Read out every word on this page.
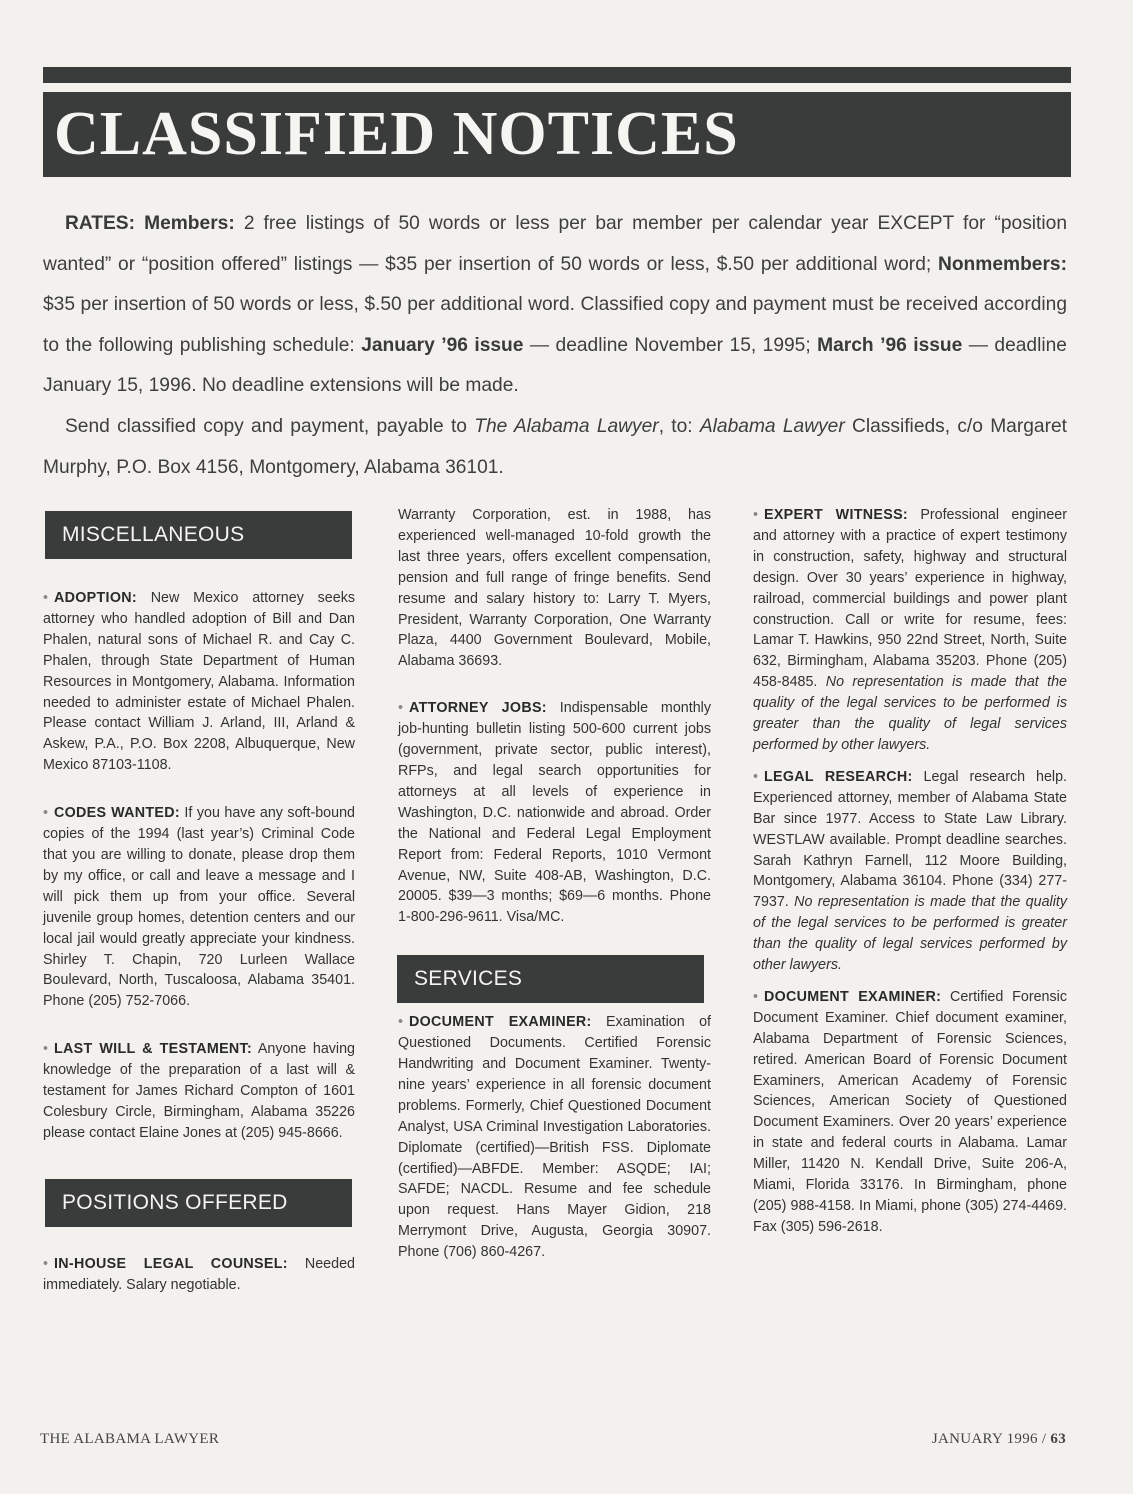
CLASSIFIED NOTICES

RATES: Members: 2 free listings of 50 words or less per bar member per calendar year EXCEPT for “position wanted” or “position offered” listings — $35 per insertion of 50 words or less, $.50 per additional word; Nonmembers: $35 per insertion of 50 words or less, $.50 per additional word. Classified copy and payment must be received according to the following publishing schedule: January ’96 issue — deadline November 15, 1995; March ’96 issue — deadline January 15, 1996. No deadline extensions will be made.

Send classified copy and payment, payable to The Alabama Lawyer, to: Alabama Lawyer Classifieds, c/o Margaret Murphy, P.O. Box 4156, Montgomery, Alabama 36101.

MISCELLANEOUS

• ADOPTION: New Mexico attorney seeks attorney who handled adoption of Bill and Dan Phalen, natural sons of Michael R. and Cay C. Phalen, through State Department of Human Resources in Montgomery, Alabama. Information needed to administer estate of Michael Phalen. Please contact William J. Arland, III, Arland & Askew, P.A., P.O. Box 2208, Albuquerque, New Mexico 87103-1108.

• CODES WANTED: If you have any soft-bound copies of the 1994 (last year’s) Criminal Code that you are willing to donate, please drop them by my office, or call and leave a message and I will pick them up from your office. Several juvenile group homes, detention centers and our local jail would greatly appreciate your kindness. Shirley T. Chapin, 720 Lurleen Wallace Boulevard, North, Tuscaloosa, Alabama 35401. Phone (205) 752-7066.

• LAST WILL & TESTAMENT: Anyone having knowledge of the preparation of a last will & testament for James Richard Compton of 1601 Colesbury Circle, Birmingham, Alabama 35226 please contact Elaine Jones at (205) 945-8666.

POSITIONS OFFERED

• IN-HOUSE LEGAL COUNSEL: Needed immediately. Salary negotiable.

Warranty Corporation, est. in 1988, has experienced well-managed 10-fold growth the last three years, offers excellent compensation, pension and full range of fringe benefits. Send resume and salary history to: Larry T. Myers, President, Warranty Corporation, One Warranty Plaza, 4400 Government Boulevard, Mobile, Alabama 36693.

• ATTORNEY JOBS: Indispensable monthly job-hunting bulletin listing 500-600 current jobs (government, private sector, public interest), RFPs, and legal search opportunities for attorneys at all levels of experience in Washington, D.C. nationwide and abroad. Order the National and Federal Legal Employment Report from: Federal Reports, 1010 Vermont Avenue, NW, Suite 408-AB, Washington, D.C. 20005. $39—3 months; $69—6 months. Phone 1-800-296-9611. Visa/MC.

SERVICES

• DOCUMENT EXAMINER: Examination of Questioned Documents. Certified Forensic Handwriting and Document Examiner. Twenty-nine years’ experience in all forensic document problems. Formerly, Chief Questioned Document Analyst, USA Criminal Investigation Laboratories. Diplomate (certified)—British FSS. Diplomate (certified)—ABFDE. Member: ASQDE; IAI; SAFDE; NACDL. Resume and fee schedule upon request. Hans Mayer Gidion, 218 Merrymont Drive, Augusta, Georgia 30907. Phone (706) 860-4267.

• EXPERT WITNESS: Professional engineer and attorney with a practice of expert testimony in construction, safety, highway and structural design. Over 30 years’ experience in highway, railroad, commercial buildings and power plant construction. Call or write for resume, fees: Lamar T. Hawkins, 950 22nd Street, North, Suite 632, Birmingham, Alabama 35203. Phone (205) 458-8485. No representation is made that the quality of the legal services to be performed is greater than the quality of legal services performed by other lawyers.

• LEGAL RESEARCH: Legal research help. Experienced attorney, member of Alabama State Bar since 1977. Access to State Law Library. WESTLAW available. Prompt deadline searches. Sarah Kathryn Farnell, 112 Moore Building, Montgomery, Alabama 36104. Phone (334) 277-7937. No representation is made that the quality of the legal services to be performed is greater than the quality of legal services performed by other lawyers.

• DOCUMENT EXAMINER: Certified Forensic Document Examiner. Chief document examiner, Alabama Department of Forensic Sciences, retired. American Board of Forensic Document Examiners, American Academy of Forensic Sciences, American Society of Questioned Document Examiners. Over 20 years’ experience in state and federal courts in Alabama. Lamar Miller, 11420 N. Kendall Drive, Suite 206-A, Miami, Florida 33176. In Birmingham, phone (205) 988-4158. In Miami, phone (305) 274-4469. Fax (305) 596-2618.

THE ALABAMA LAWYER	JANUARY 1996 / 63
